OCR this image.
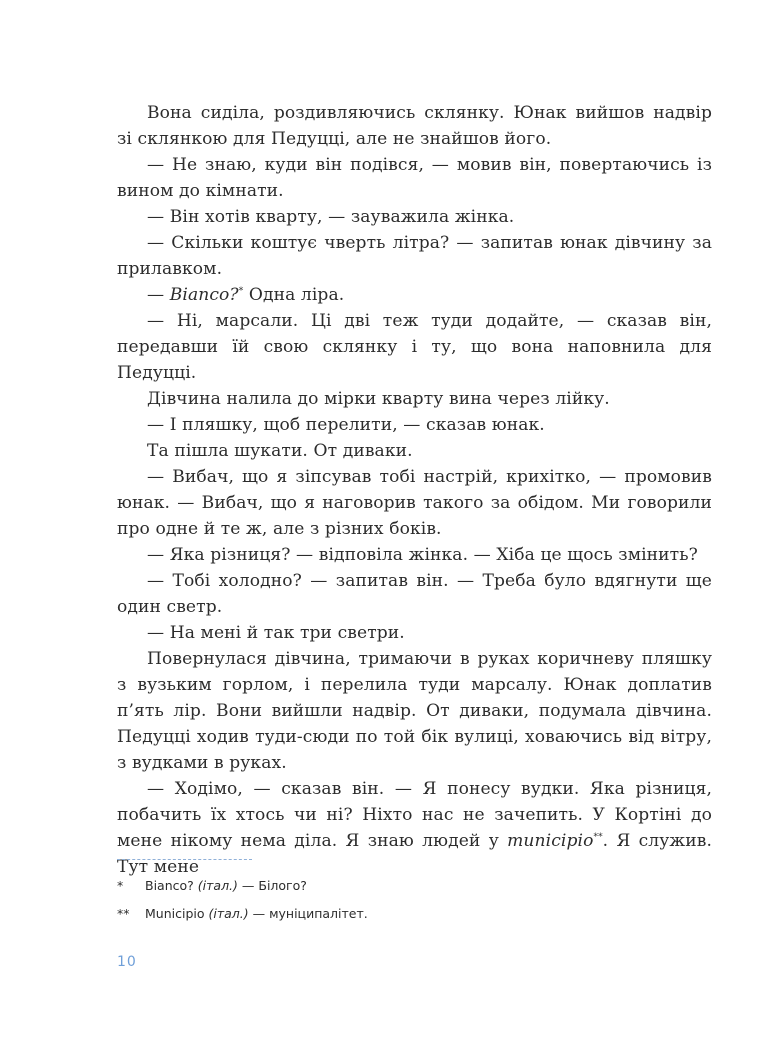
Вона сиділа, роздивляючись склянку. Юнак вийшов надвір зі склянкою для Педуцці, але не знайшов його.

— Не знаю, куди він подівся, — мовив він, повертаючись із вином до кімнати.

— Він хотів кварту, — зауважила жінка.

— Скільки коштує чверть літра? — запитав юнак дівчину за прилавком.

— Bianco?* Одна ліра.

— Ні, марсали. Ці дві теж туди додайте, — сказав він, передавши їй свою склянку і ту, що вона наповнила для Педуцці.

Дівчина налила до мірки кварту вина через лійку.

— І пляшку, щоб перелити, — сказав юнак.

Та пішла шукати. От диваки.

— Вибач, що я зіпсував тобі настрій, крихітко, — промовив юнак. — Вибач, що я наговорив такого за обідом. Ми говорили про одне й те ж, але з різних боків.

— Яка різниця? — відповіла жінка. — Хіба це щось змінить?

— Тобі холодно? — запитав він. — Треба було вдягнути ще один светр.

— На мені й так три светри.

Повернулася дівчина, тримаючи в руках коричневу пляшку з вузьким горлом, і перелила туди марсалу. Юнак доплатив п’ять лір. Вони вийшли надвір. От диваки, подумала дівчина. Педуцці ходив туди-сюди по той бік вулиці, ховаючись від вітру, з вудками в руках.

— Ходімо, — сказав він. — Я понесу вудки. Яка різниця, побачить їх хтось чи ні? Ніхто нас не зачепить. У Кортіні до мене нікому нема діла. Я знаю людей у municipio**. Я служив. Тут мене

*	Bianco? (італ.) — Білого?
**	Municipio (італ.) — муніципалітет.
10
